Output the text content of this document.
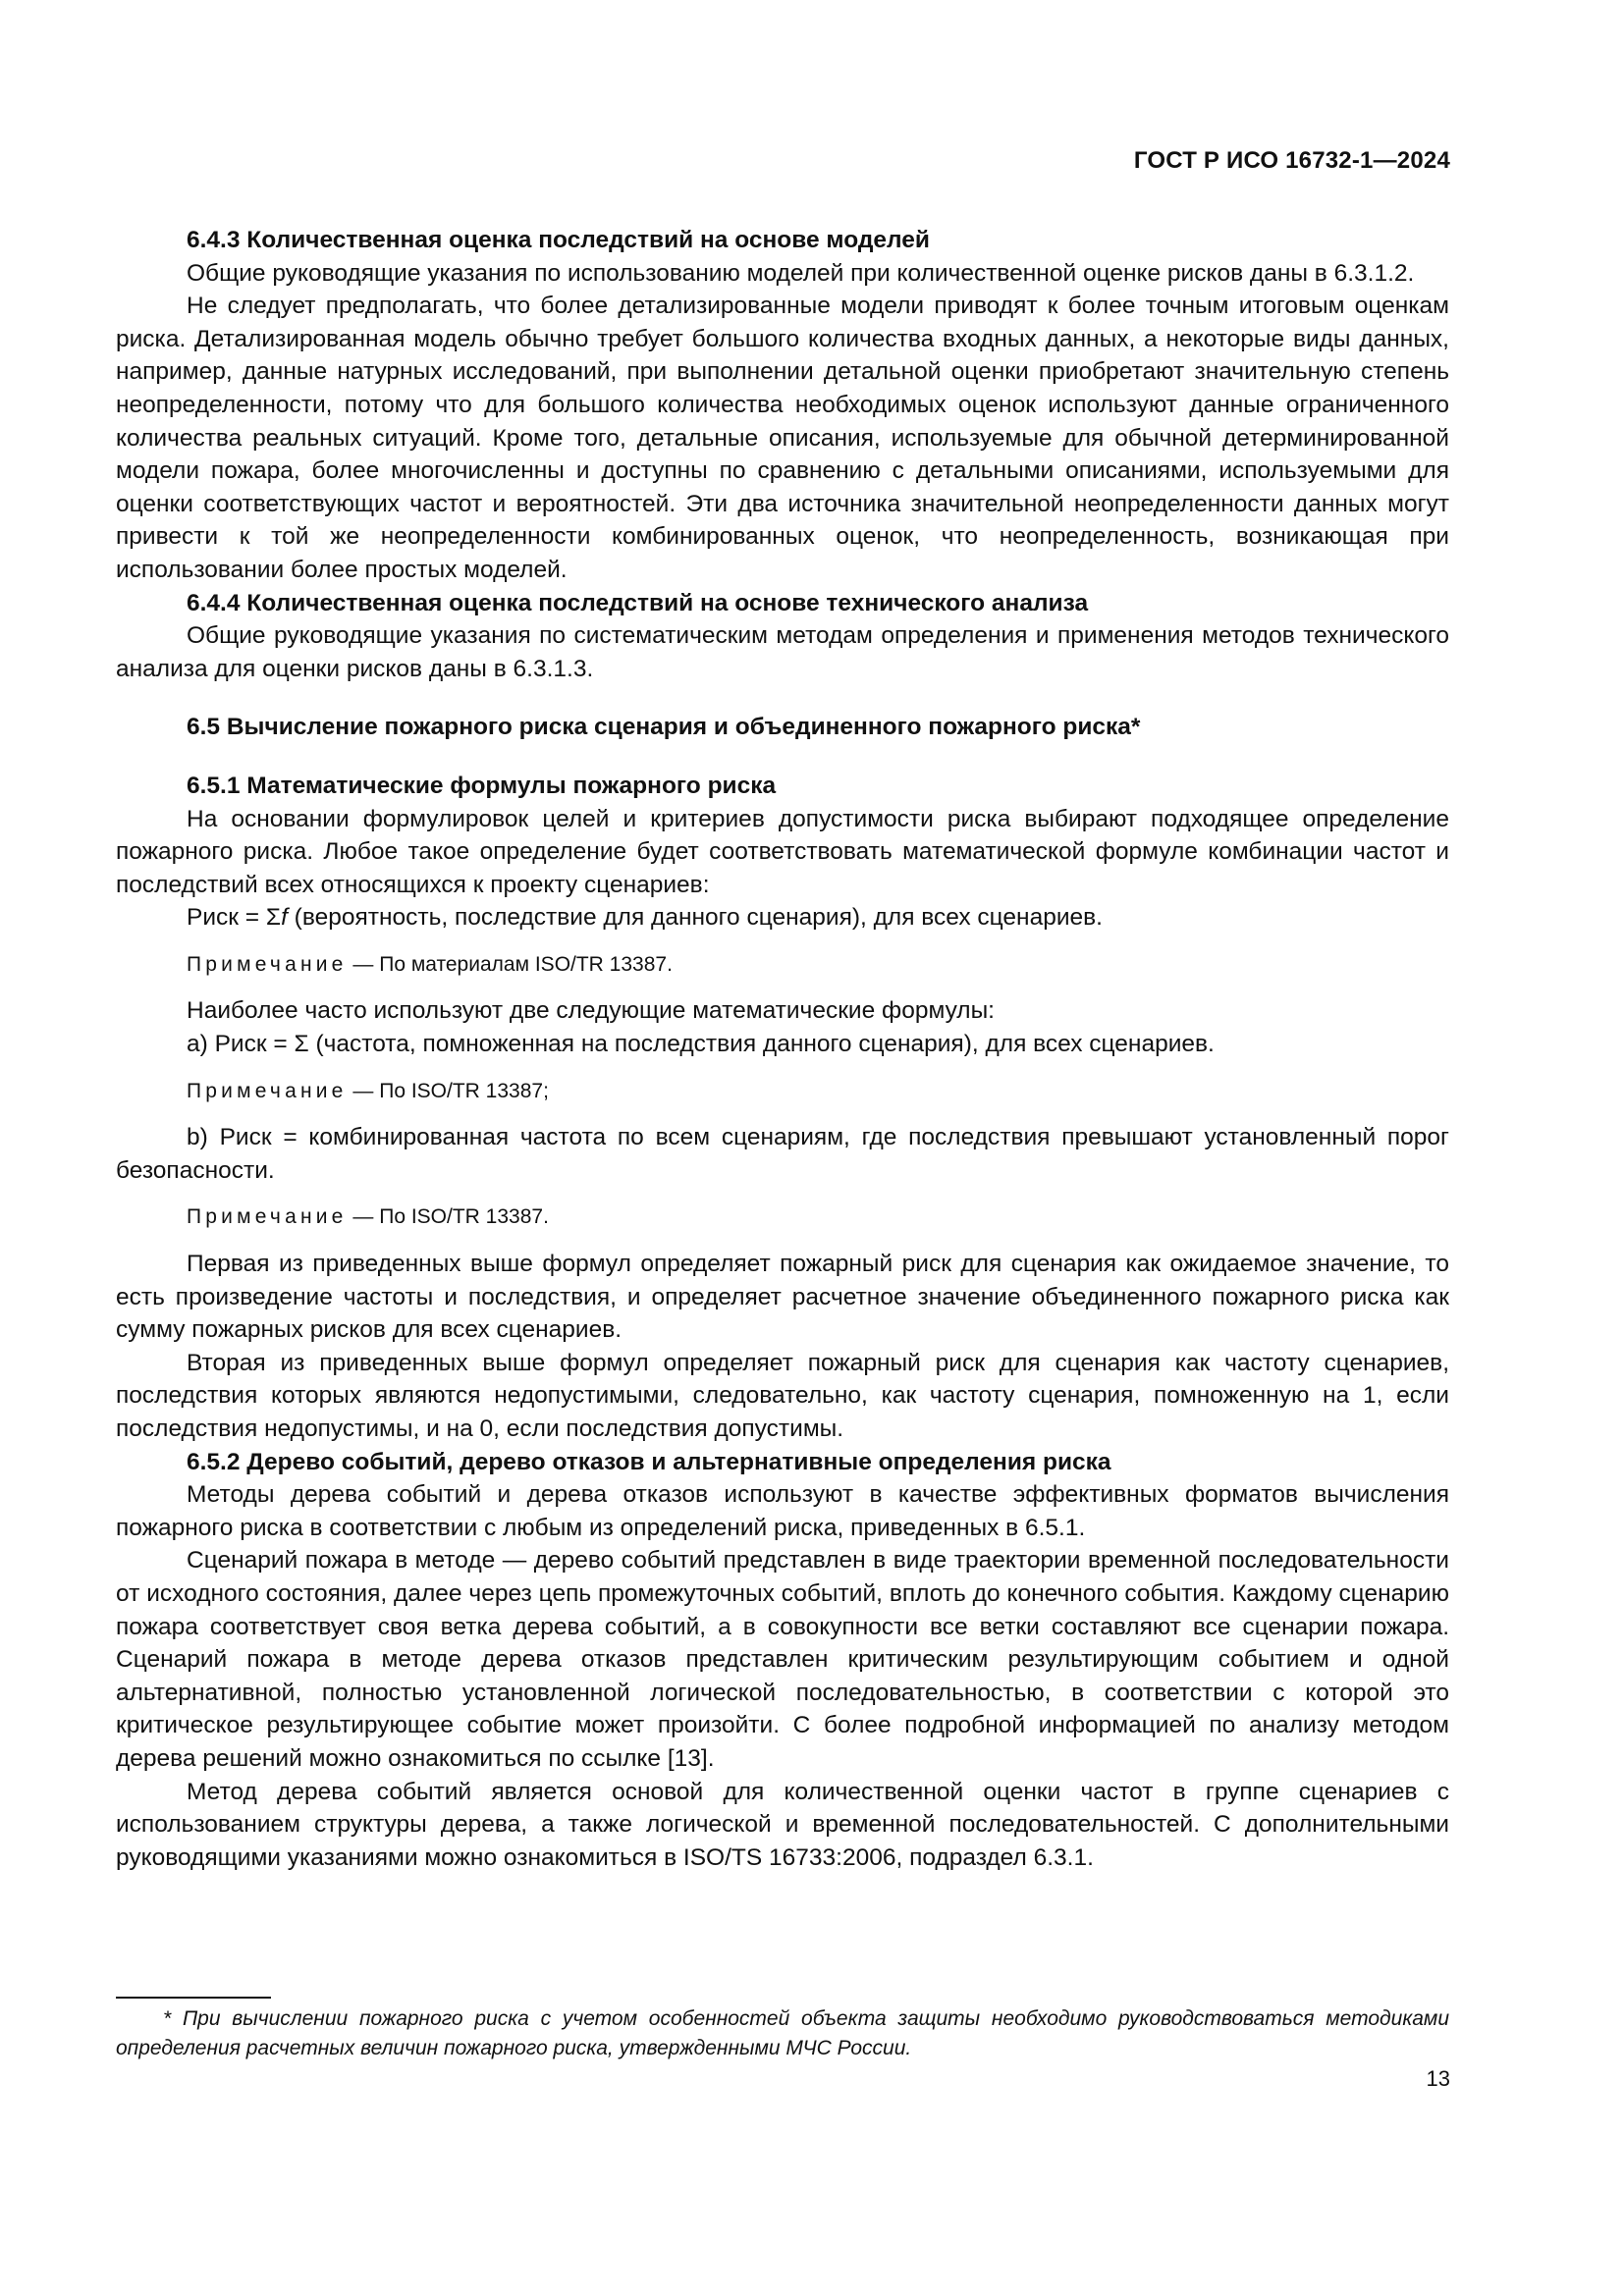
ГОСТ Р ИСО 16732-1—2024

6.4.3 Количественная оценка последствий на основе моделей

Общие руководящие указания по использованию моделей при количественной оценке рисков даны в 6.3.1.2.

Не следует предполагать, что более детализированные модели приводят к более точным итоговым оценкам риска. Детализированная модель обычно требует большого количества входных данных, а некоторые виды данных, например, данные натурных исследований, при выполнении детальной оценки приобретают значительную степень неопределенности, потому что для большого количества необходимых оценок используют данные ограниченного количества реальных ситуаций. Кроме того, детальные описания, используемые для обычной детерминированной модели пожара, более многочисленны и доступны по сравнению с детальными описаниями, используемыми для оценки соответствующих частот и вероятностей. Эти два источника значительной неопределенности данных могут привести к той же неопределенности комбинированных оценок, что неопределенность, возникающая при использовании более простых моделей.

6.4.4 Количественная оценка последствий на основе технического анализа

Общие руководящие указания по систематическим методам определения и применения методов технического анализа для оценки рисков даны в 6.3.1.3.

6.5 Вычисление пожарного риска сценария и объединенного пожарного риска*

6.5.1 Математические формулы пожарного риска

На основании формулировок целей и критериев допустимости риска выбирают подходящее определение пожарного риска. Любое такое определение будет соответствовать математической формуле комбинации частот и последствий всех относящихся к проекту сценариев:

Риск = Σf (вероятность, последствие для данного сценария), для всех сценариев.

Примечание — По материалам ISO/TR 13387.

Наиболее часто используют две следующие математические формулы:

а) Риск = Σ (частота, помноженная на последствия данного сценария), для всех сценариев.

Примечание — По ISO/TR 13387;

b) Риск = комбинированная частота по всем сценариям, где последствия превышают установленный порог безопасности.

Примечание — По ISO/TR 13387.

Первая из приведенных выше формул определяет пожарный риск для сценария как ожидаемое значение, то есть произведение частоты и последствия, и определяет расчетное значение объединенного пожарного риска как сумму пожарных рисков для всех сценариев.

Вторая из приведенных выше формул определяет пожарный риск для сценария как частоту сценариев, последствия которых являются недопустимыми, следовательно, как частоту сценария, помноженную на 1, если последствия недопустимы, и на 0, если последствия допустимы.

6.5.2 Дерево событий, дерево отказов и альтернативные определения риска

Методы дерева событий и дерева отказов используют в качестве эффективных форматов вычисления пожарного риска в соответствии с любым из определений риска, приведенных в 6.5.1.

Сценарий пожара в методе — дерево событий представлен в виде траектории временной последовательности от исходного состояния, далее через цепь промежуточных событий, вплоть до конечного события. Каждому сценарию пожара соответствует своя ветка дерева событий, а в совокупности все ветки составляют все сценарии пожара. Сценарий пожара в методе дерева отказов представлен критическим результирующим событием и одной альтернативной, полностью установленной логической последовательностью, в соответствии с которой это критическое результирующее событие может произойти. С более подробной информацией по анализу методом дерева решений можно ознакомиться по ссылке [13].

Метод дерева событий является основой для количественной оценки частот в группе сценариев с использованием структуры дерева, а также логической и временной последовательностей. С дополнительными руководящими указаниями можно ознакомиться в ISO/TS 16733:2006, подраздел 6.3.1.

* При вычислении пожарного риска с учетом особенностей объекта защиты необходимо руководствоваться методиками определения расчетных величин пожарного риска, утвержденными МЧС России.
13
